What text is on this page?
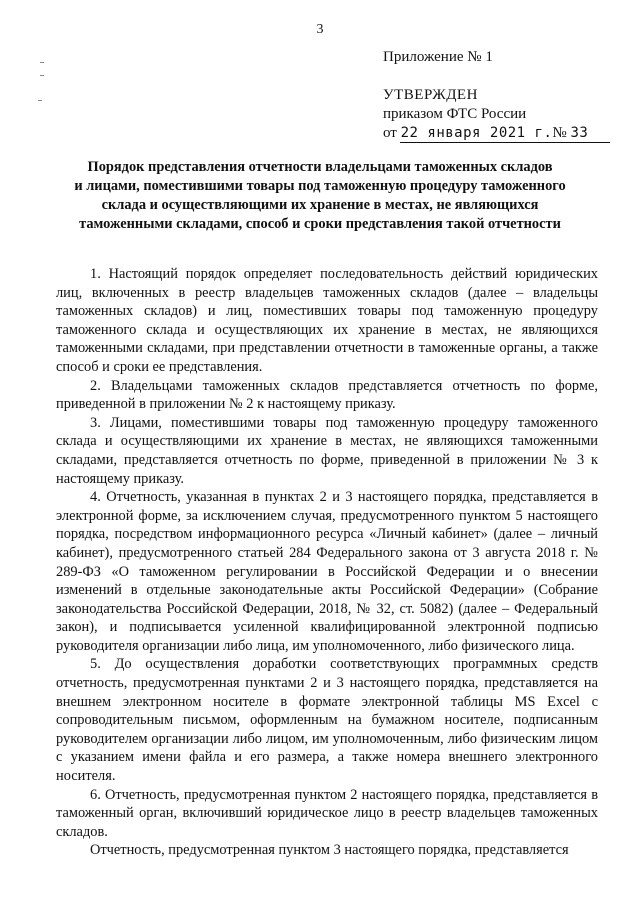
3
Приложение № 1
УТВЕРЖДЕН
приказом ФТС России
от 22 января 2021 г.№ 33
Порядок представления отчетности владельцами таможенных складов
и лицами, поместившими товары под таможенную процедуру таможенного
склада и осуществляющими их хранение в местах, не являющихся
таможенными складами, способ и сроки представления такой отчетности

1. Настоящий порядок определяет последовательность действий юридических лиц, включенных в реестр владельцев таможенных складов (далее – владельцы таможенных складов) и лиц, поместивших товары под таможенную процедуру таможенного склада и осуществляющих их хранение в местах, не являющихся таможенными складами, при представлении отчетности в таможенные органы, а также способ и сроки ее представления.

2. Владельцами таможенных складов представляется отчетность по форме, приведенной в приложении № 2 к настоящему приказу.

3. Лицами, поместившими товары под таможенную процедуру таможенного склада и осуществляющими их хранение в местах, не являющихся таможенными складами, представляется отчетность по форме, приведенной в приложении № 3 к настоящему приказу.

4. Отчетность, указанная в пунктах 2 и 3 настоящего порядка, представляется в электронной форме, за исключением случая, предусмотренного пунктом 5 настоящего порядка, посредством информационного ресурса «Личный кабинет» (далее – личный кабинет), предусмотренного статьей 284 Федерального закона от 3 августа 2018 г. № 289-ФЗ «О таможенном регулировании в Российской Федерации и о внесении изменений в отдельные законодательные акты Российской Федерации» (Собрание законодательства Российской Федерации, 2018, № 32, ст. 5082) (далее – Федеральный закон), и подписывается усиленной квалифицированной электронной подписью руководителя организации либо лица, им уполномоченного, либо физического лица.

5. До осуществления доработки соответствующих программных средств отчетность, предусмотренная пунктами 2 и 3 настоящего порядка, представляется на внешнем электронном носителе в формате электронной таблицы MS Excel с сопроводительным письмом, оформленным на бумажном носителе, подписанным руководителем организации либо лицом, им уполномоченным, либо физическим лицом с указанием имени файла и его размера, а также номера внешнего электронного носителя.

6. Отчетность, предусмотренная пунктом 2 настоящего порядка, представляется в таможенный орган, включивший юридическое лицо в реестр владельцев таможенных складов.

Отчетность, предусмотренная пунктом 3 настоящего порядка, представляется
